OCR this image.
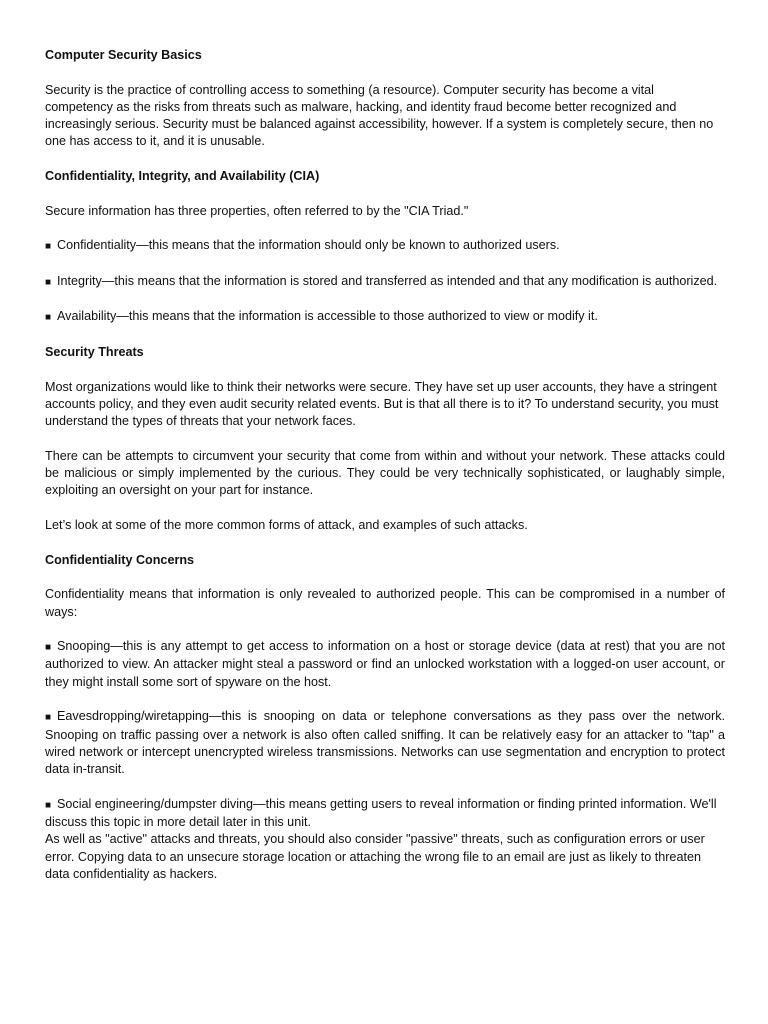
Computer Security Basics

Security is the practice of controlling access to something (a resource). Computer security has become a vital competency as the risks from threats such as malware, hacking, and identity fraud become better recognized and increasingly serious. Security must be balanced against accessibility, however. If a system is completely secure, then no one has access to it, and it is unusable.

Confidentiality, Integrity, and Availability (CIA)

Secure information has three properties, often referred to by the "CIA Triad."

■ Confidentiality—this means that the information should only be known to authorized users.

■ Integrity—this means that the information is stored and transferred as intended and that any modification is authorized.

■ Availability—this means that the information is accessible to those authorized to view or modify it.

Security Threats

Most organizations would like to think their networks were secure. They have set up user accounts, they have a stringent accounts policy, and they even audit security related events. But is that all there is to it? To understand security, you must understand the types of threats that your network faces.

There can be attempts to circumvent your security that come from within and without your network. These attacks could be malicious or simply implemented by the curious. They could be very technically sophisticated, or laughably simple, exploiting an oversight on your part for instance.

Let’s look at some of the more common forms of attack, and examples of such attacks.

Confidentiality Concerns

Confidentiality means that information is only revealed to authorized people. This can be compromised in a number of ways:

■ Snooping—this is any attempt to get access to information on a host or storage device (data at rest) that you are not authorized to view. An attacker might steal a password or find an unlocked workstation with a logged-on user account, or they might install some sort of spyware on the host.

■ Eavesdropping/wiretapping—this is snooping on data or telephone conversations as they pass over the network. Snooping on traffic passing over a network is also often called sniffing. It can be relatively easy for an attacker to "tap" a wired network or intercept unencrypted wireless transmissions. Networks can use segmentation and encryption to protect data in-transit.

■ Social engineering/dumpster diving—this means getting users to reveal information or finding printed information. We'll discuss this topic in more detail later in this unit.

As well as "active" attacks and threats, you should also consider "passive" threats, such as configuration errors or user error. Copying data to an unsecure storage location or attaching the wrong file to an email are just as likely to threaten data confidentiality as hackers.
